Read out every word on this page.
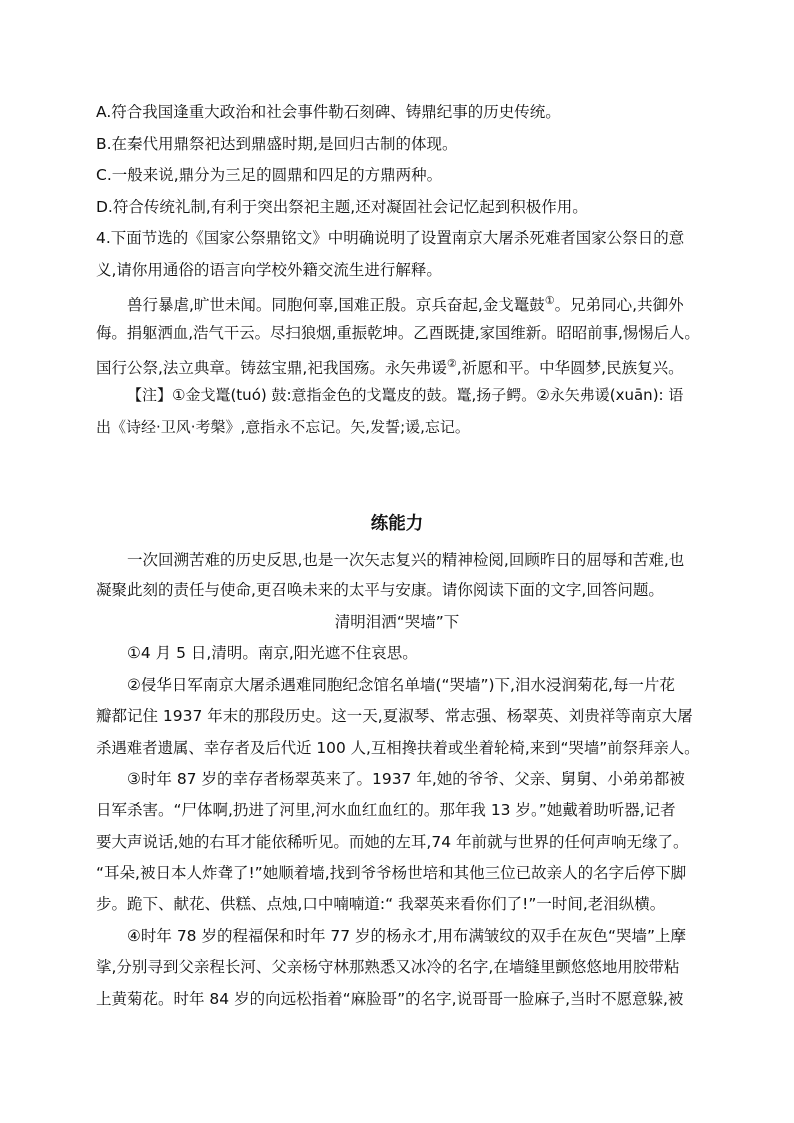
A.符合我国逢重大政治和社会事件勒石刻碑、铸鼎纪事的历史传统。
B.在秦代用鼎祭祀达到鼎盛时期,是回归古制的体现。
C.一般来说,鼎分为三足的圆鼎和四足的方鼎两种。
D.符合传统礼制,有利于突出祭祀主题,还对凝固社会记忆起到积极作用。
4.下面节选的《国家公祭鼎铭文》中明确说明了设置南京大屠杀死难者国家公祭日的意
义,请你用通俗的语言向学校外籍交流生进行解释。
兽行暴虐,旷世未闻。同胞何辜,国难正殷。京兵奋起,金戈鼍鼓①。兄弟同心,共御外
侮。捐躯洒血,浩气干云。尽扫狼烟,重振乾坤。乙酉既捷,家国维新。昭昭前事,惕惕后人。
国行公祭,法立典章。铸兹宝鼎,祀我国殇。永矢弗谖②,祈愿和平。中华圆梦,民族复兴。
【注】①金戈鼍(tuó) 鼓:意指金色的戈鼍皮的鼓。鼍,扬子鳄。②永矢弗谖(xuān): 语
出《诗经·卫风·考槃》,意指永不忘记。矢,发誓;谖,忘记。
练能力
一次回溯苦难的历史反思,也是一次矢志复兴的精神检阅,回顾昨日的屈辱和苦难,也
凝聚此刻的责任与使命,更召唤未来的太平与安康。请你阅读下面的文字,回答问题。
清明泪洒“哭墙”下
①4 月 5 日,清明。南京,阳光遮不住哀思。
②侵华日军南京大屠杀遇难同胞纪念馆名单墙(“哭墙”)下,泪水浸润菊花,每一片花
瓣都记住 1937 年末的那段历史。这一天,夏淑琴、常志强、杨翠英、刘贵祥等南京大屠
杀遇难者遗属、幸存者及后代近 100 人,互相搀扶着或坐着轮椅,来到“哭墙”前祭拜亲人。
③时年 87 岁的幸存者杨翠英来了。1937 年,她的爷爷、父亲、舅舅、小弟弟都被
日军杀害。“尸体啊,扔进了河里,河水血红血红的。那年我 13 岁。”她戴着助听器,记者
要大声说话,她的右耳才能依稀听见。而她的左耳,74 年前就与世界的任何声响无缘了。
“耳朵,被日本人炸聋了!”她顺着墙,找到爷爷杨世培和其他三位已故亲人的名字后停下脚
步。跪下、献花、供糕、点烛,口中喃喃道:“ 我翠英来看你们了!”一时间,老泪纵横。
④时年 78 岁的程福保和时年 77 岁的杨永才,用布满皱纹的双手在灰色“哭墙”上摩
挲,分别寻到父亲程长河、父亲杨守林那熟悉又冰冷的名字,在墙缝里颤悠悠地用胶带粘
上黄菊花。时年 84 岁的向远松指着“麻脸哥”的名字,说哥哥一脸麻子,当时不愿意躲,被
